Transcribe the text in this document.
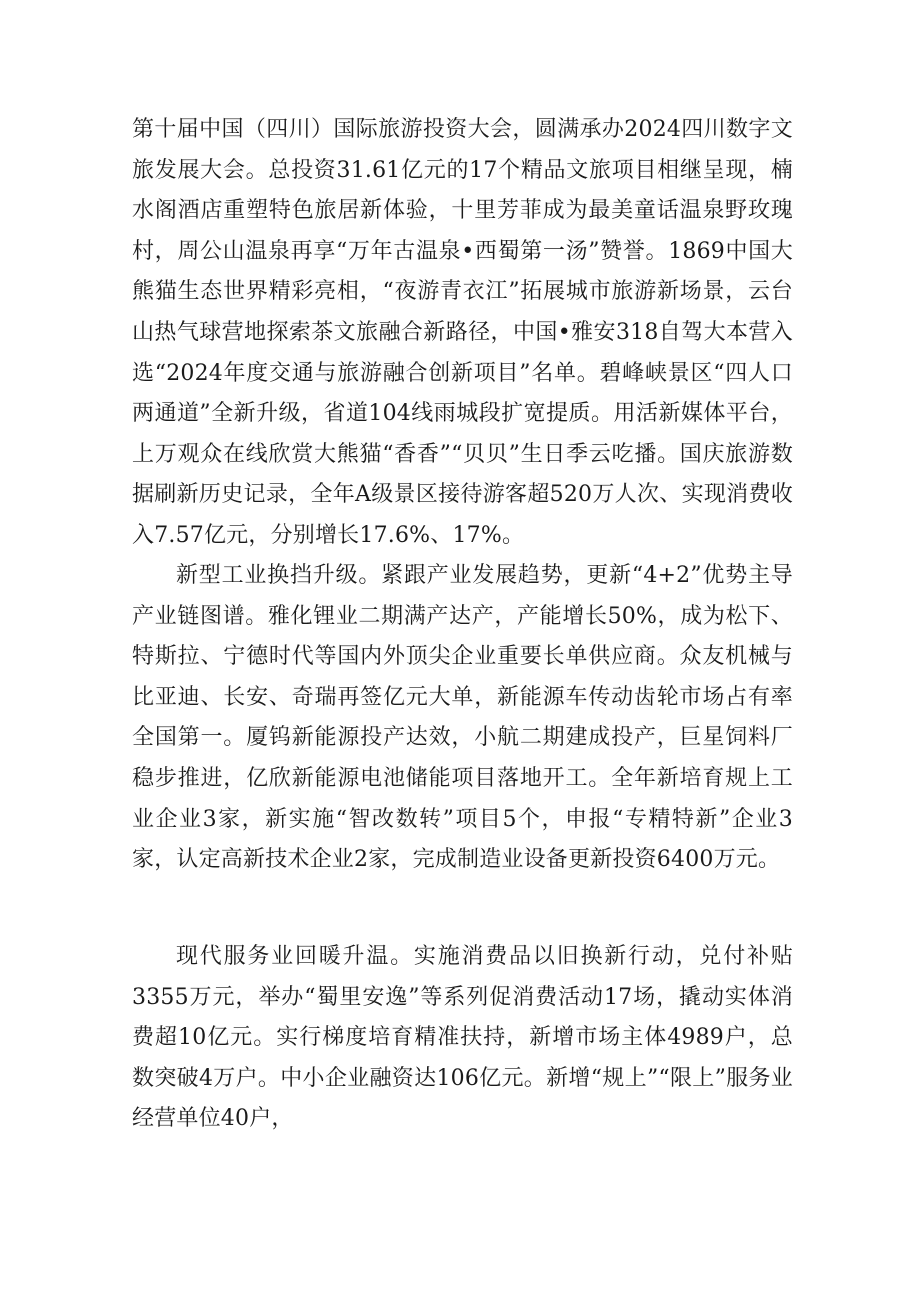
第十届中国（四川）国际旅游投资大会，圆满承办2024四川数字文旅发展大会。总投资31.61亿元的17个精品文旅项目相继呈现，楠水阁酒店重塑特色旅居新体验，十里芳菲成为最美童话温泉野玫瑰村，周公山温泉再享“万年古温泉•西蜀第一汤”赞誉。1869中国大熊猫生态世界精彩亮相，“夜游青衣江”拓展城市旅游新场景，云台山热气球营地探索茶文旅融合新路径，中国•雅安318自驾大本营入选“2024年度交通与旅游融合创新项目”名单。碧峰峡景区“四人口两通道”全新升级，省道104线雨城段扩宽提质。用活新媒体平台，上万观众在线欣赏大熊猫“香香”“贝贝”生日季云吃播。国庆旅游数据刷新历史记录，全年A级景区接待游客超520万人次、实现消费收入7.57亿元，分别增长17.6%、17%。

新型工业换挡升级。紧跟产业发展趋势，更新“4+2”优势主导产业链图谱。雅化锂业二期满产达产，产能增长50%，成为松下、特斯拉、宁德时代等国内外顶尖企业重要长单供应商。众友机械与比亚迪、长安、奇瑞再签亿元大单，新能源车传动齿轮市场占有率全国第一。厦钨新能源投产达效，小航二期建成投产，巨星饲料厂稳步推进，亿欣新能源电池储能项目落地开工。全年新培育规上工业企业3家，新实施“智改数转”项目5个，申报“专精特新”企业3家，认定高新技术企业2家，完成制造业设备更新投资6400万元。

现代服务业回暖升温。实施消费品以旧换新行动，兑付补贴3355万元，举办“蜀里安逸”等系列促消费活动17场，撬动实体消费超10亿元。实行梯度培育精准扶持，新增市场主体4989户，总数突破4万户。中小企业融资达106亿元。新增“规上”“限上”服务业经营单位40户，
